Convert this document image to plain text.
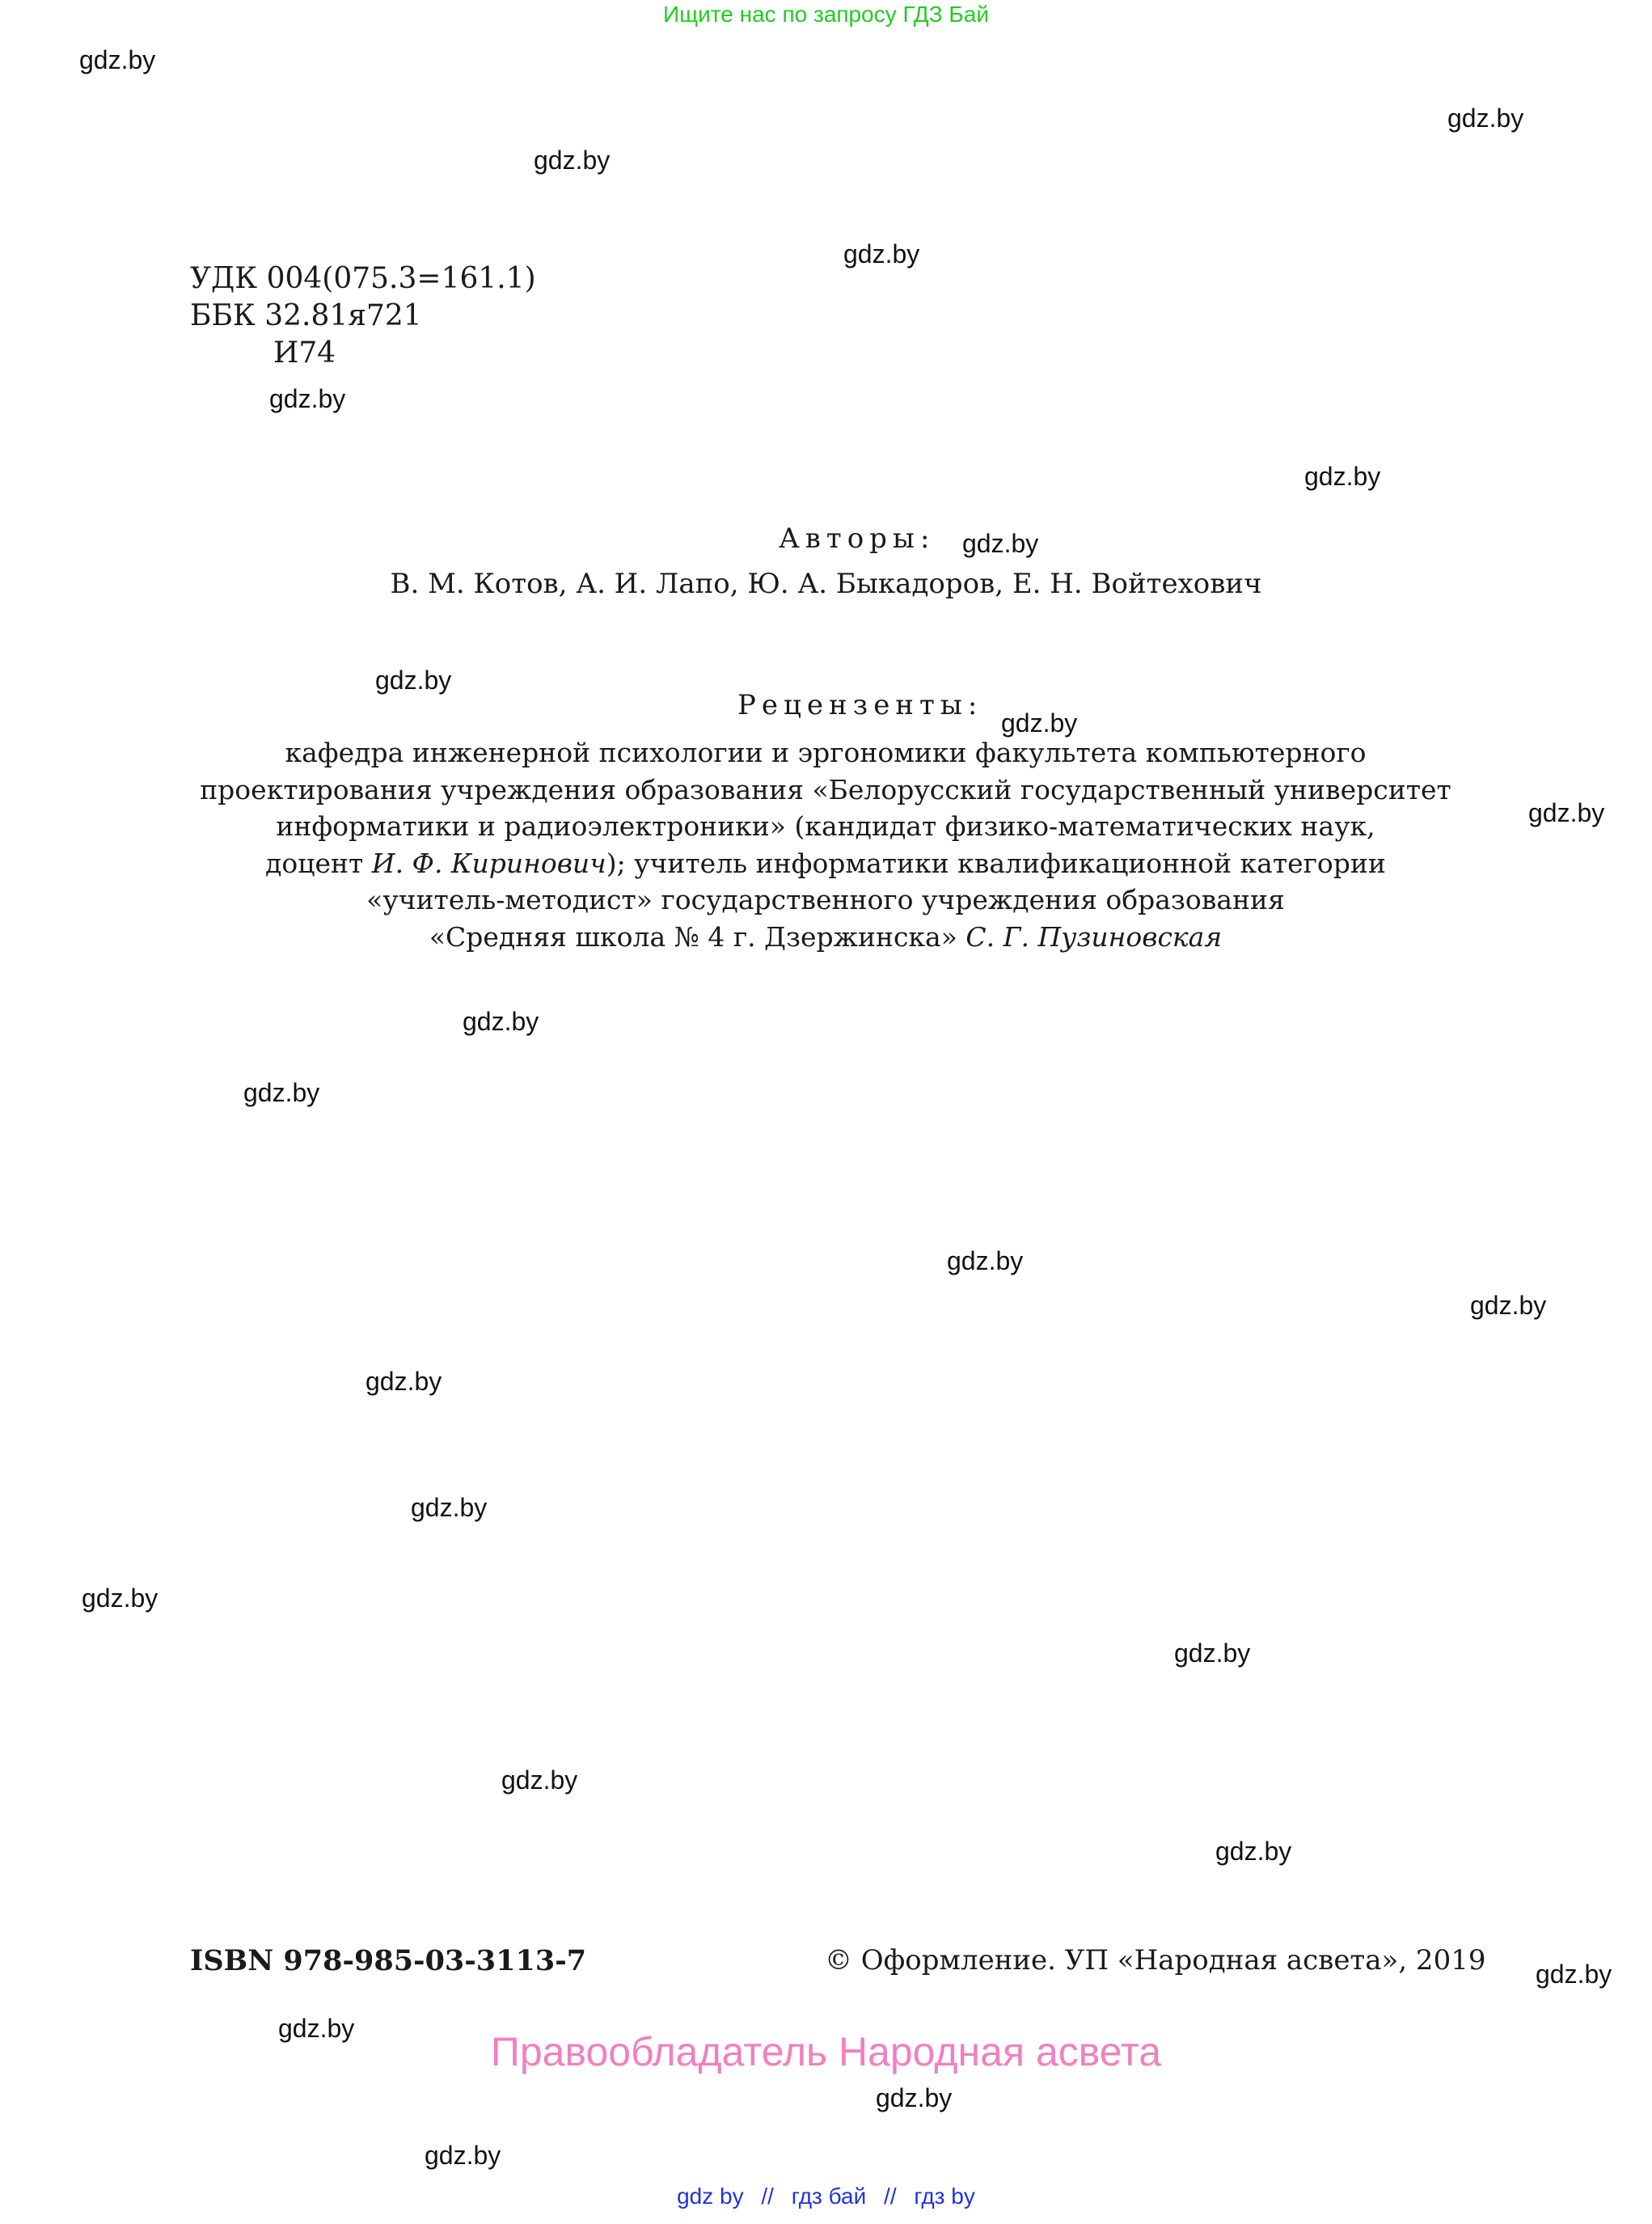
Ищите нас по запросу ГДЗ Бай
gdz.by
gdz.by
gdz.by
gdz.by
gdz.by
gdz.by
gdz.by
gdz.by
gdz.by
gdz.by
gdz.by
gdz.by
gdz.by
gdz.by
gdz.by
gdz.by
gdz.by
gdz.by
gdz.by
gdz.by
gdz.by
gdz.by
gdz.by
gdz.by
УДК 004(075.3=161.1)
ББК 32.81я721
И74
Авторы:
В. М. Котов, А. И. Лапо, Ю. А. Быкадоров, Е. Н. Войтехович
Рецензенты:
кафедра инженерной психологии и эргономики факультета компьютерного
проектирования учреждения образования «Белорусский государственный университет
информатики и радиоэлектроники» (кандидат физико-математических наук,
доцент И. Ф. Киринович); учитель информатики квалификационной категории
«учитель-методист» государственного учреждения образования
«Средняя школа № 4 г. Дзержинска» С. Г. Пузиновская
ISBN 978-985-03-3113-7	© Оформление. УП «Народная асвета», 2019
Правообладатель Народная асвета
gdz by // гдз бай // гдз by
